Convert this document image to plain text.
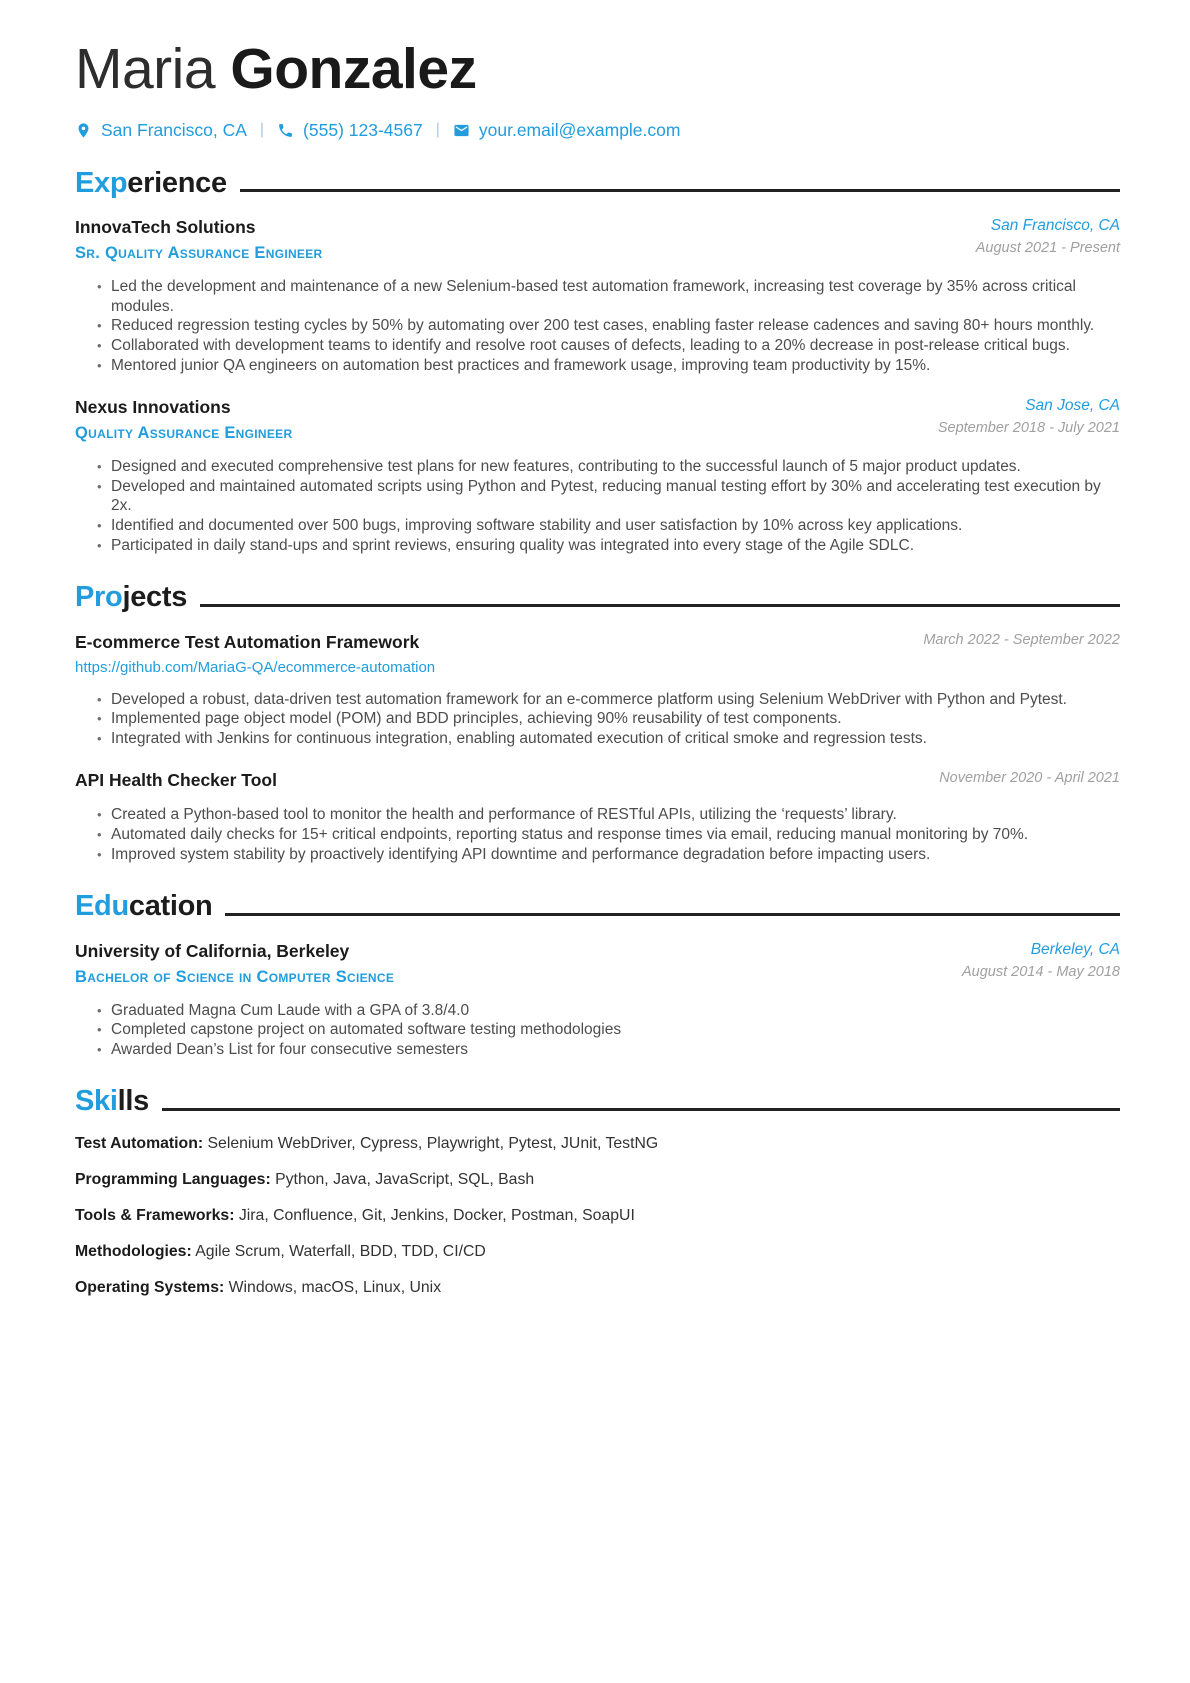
Maria Gonzalez
San Francisco, CA | (555) 123-4567 | your.email@example.com
Experience
InnovaTech Solutions
Sr. Quality Assurance Engineer
San Francisco, CA
August 2021 - Present
• Led the development and maintenance of a new Selenium-based test automation framework, increasing test coverage by 35% across critical modules.
• Reduced regression testing cycles by 50% by automating over 200 test cases, enabling faster release cadences and saving 80+ hours monthly.
• Collaborated with development teams to identify and resolve root causes of defects, leading to a 20% decrease in post-release critical bugs.
• Mentored junior QA engineers on automation best practices and framework usage, improving team productivity by 15%.
Nexus Innovations
Quality Assurance Engineer
San Jose, CA
September 2018 - July 2021
• Designed and executed comprehensive test plans for new features, contributing to the successful launch of 5 major product updates.
• Developed and maintained automated scripts using Python and Pytest, reducing manual testing effort by 30% and accelerating test execution by 2x.
• Identified and documented over 500 bugs, improving software stability and user satisfaction by 10% across key applications.
• Participated in daily stand-ups and sprint reviews, ensuring quality was integrated into every stage of the Agile SDLC.
Projects
E-commerce Test Automation Framework
https://github.com/MariaG-QA/ecommerce-automation
March 2022 - September 2022
• Developed a robust, data-driven test automation framework for an e-commerce platform using Selenium WebDriver with Python and Pytest.
• Implemented page object model (POM) and BDD principles, achieving 90% reusability of test components.
• Integrated with Jenkins for continuous integration, enabling automated execution of critical smoke and regression tests.
API Health Checker Tool	November 2020 - April 2021
• Created a Python-based tool to monitor the health and performance of RESTful APIs, utilizing the ‘requests’ library.
• Automated daily checks for 15+ critical endpoints, reporting status and response times via email, reducing manual monitoring by 70%.
• Improved system stability by proactively identifying API downtime and performance degradation before impacting users.
Education
University of California, Berkeley
Bachelor of Science in Computer Science
Berkeley, CA
August 2014 - May 2018
• Graduated Magna Cum Laude with a GPA of 3.8/4.0
• Completed capstone project on automated software testing methodologies
• Awarded Dean’s List for four consecutive semesters
Skills
Test Automation: Selenium WebDriver, Cypress, Playwright, Pytest, JUnit, TestNG
Programming Languages: Python, Java, JavaScript, SQL, Bash
Tools & Frameworks: Jira, Confluence, Git, Jenkins, Docker, Postman, SoapUI
Methodologies: Agile Scrum, Waterfall, BDD, TDD, CI/CD
Operating Systems: Windows, macOS, Linux, Unix
